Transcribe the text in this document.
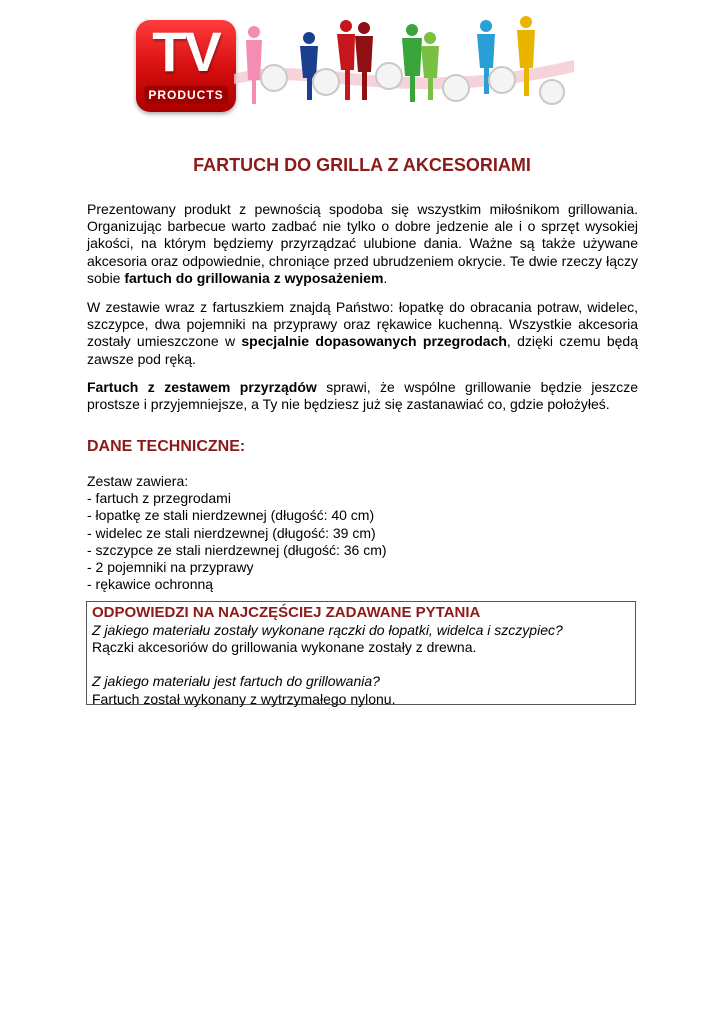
TV
PRODUCTS
FARTUCH DO GRILLA Z AKCESORIAMI

Prezentowany produkt z pewnością spodoba się wszystkim miłośnikom grillowania. Organizując barbecue warto zadbać nie tylko o dobre jedzenie ale i o sprzęt wysokiej jakości, na którym będziemy przyrządzać ulubione dania. Ważne są także używane akcesoria oraz odpowiednie, chroniące przed ubrudzeniem okrycie. Te dwie rzeczy łączy sobie fartuch do grillowania z wyposażeniem.

W zestawie wraz z fartuszkiem znajdą Państwo: łopatkę do obracania potraw, widelec, szczypce, dwa pojemniki na przyprawy oraz rękawice kuchenną. Wszystkie akcesoria zostały umieszczone w specjalnie dopasowanych przegrodach, dzięki czemu będą zawsze pod ręką.

Fartuch z zestawem przyrządów sprawi, że wspólne grillowanie będzie jeszcze prostsze i przyjemniejsze, a Ty nie będziesz już się zastanawiać co, gdzie położyłeś.

DANE TECHNICZNE:
Zestaw zawiera:
- fartuch z przegrodami
- łopatkę ze stali nierdzewnej (długość: 40 cm)
- widelec ze stali nierdzewnej (długość: 39 cm)
- szczypce ze stali nierdzewnej (długość: 36 cm)
- 2 pojemniki na przyprawy
- rękawice ochronną
ODPOWIEDZI NA NAJCZĘŚCIEJ ZADAWANE PYTANIA

Z jakiego materiału zostały wykonane rączki do łopatki, widelca i szczypiec?

Rączki akcesoriów do grillowania wykonane zostały z drewna.

Z jakiego materiału jest fartuch do grillowania?

Fartuch został wykonany z wytrzymałego nylonu.
